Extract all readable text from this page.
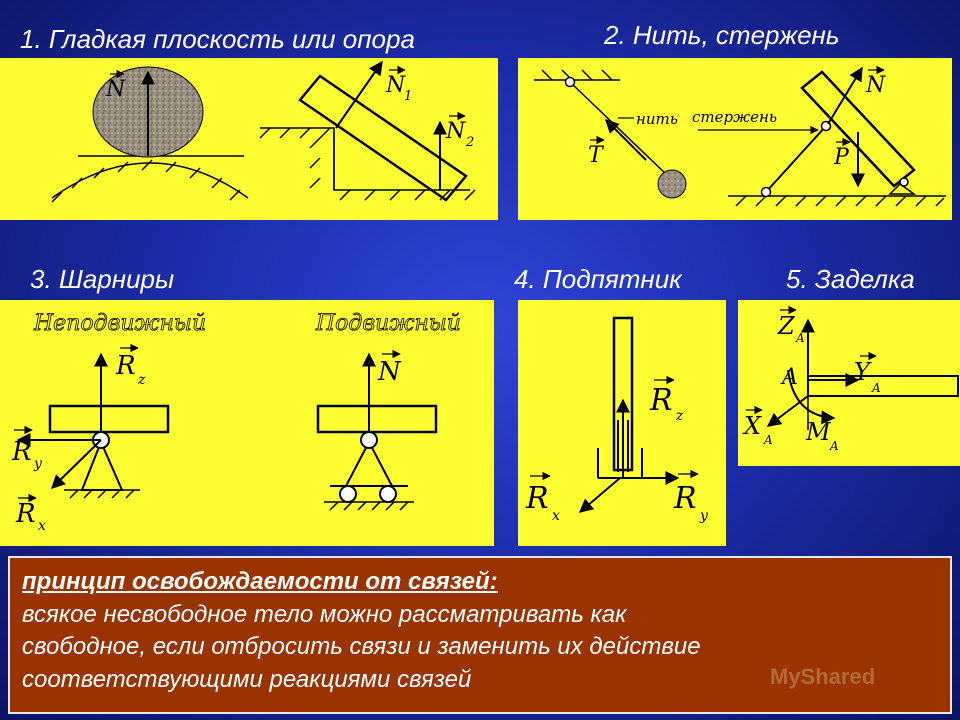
1. Гладкая плоскость или опора	2. Нить, стержень
3. Шарниры	4. Подпятник	5. Заделка
N	N
1
N 2
T
нить стержень
N
P
Неподвижный	Подвижный
R z
R y
R x
N
R z
R y
R x
Z A
A Y
A
X A M A
принцип освобождаемости от связей:
всякое несвободное тело можно рассматривать как
свободное, если отбросить связи и заменить их действие
соответствующими реакциями связей	MyShared
